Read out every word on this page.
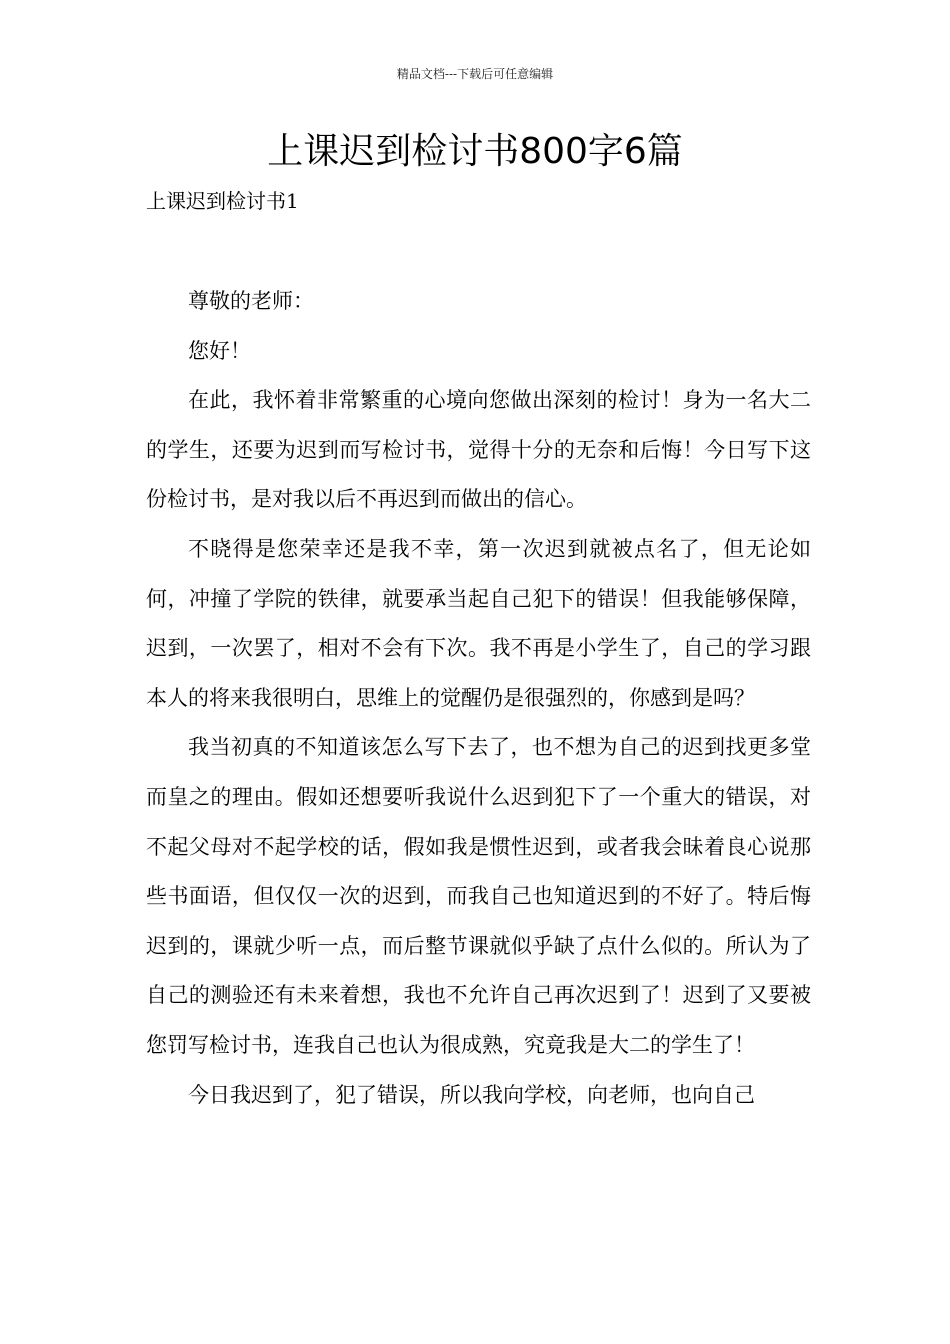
精品文档---下载后可任意编辑
上课迟到检讨书800字6篇
上课迟到检讨书1

尊敬的老师：

您好！

在此，我怀着非常繁重的心境向您做出深刻的检讨！身为一名大二的学生，还要为迟到而写检讨书，觉得十分的无奈和后悔！今日写下这份检讨书，是对我以后不再迟到而做出的信心。

不晓得是您荣幸还是我不幸，第一次迟到就被点名了，但无论如何，冲撞了学院的铁律，就要承当起自己犯下的错误！但我能够保障，迟到，一次罢了，相对不会有下次。我不再是小学生了，自己的学习跟本人的将来我很明白，思维上的觉醒仍是很强烈的，你感到是吗？

我当初真的不知道该怎么写下去了，也不想为自己的迟到找更多堂而皇之的理由。假如还想要听我说什么迟到犯下了一个重大的错误，对不起父母对不起学校的话，假如我是惯性迟到，或者我会昧着良心说那些书面语，但仅仅一次的迟到，而我自己也知道迟到的不好了。特后悔迟到的，课就少听一点，而后整节课就似乎缺了点什么似的。所认为了自己的测验还有未来着想，我也不允许自己再次迟到了！迟到了又要被您罚写检讨书，连我自己也认为很成熟，究竟我是大二的学生了！

今日我迟到了，犯了错误，所以我向学校，向老师，也向自己
